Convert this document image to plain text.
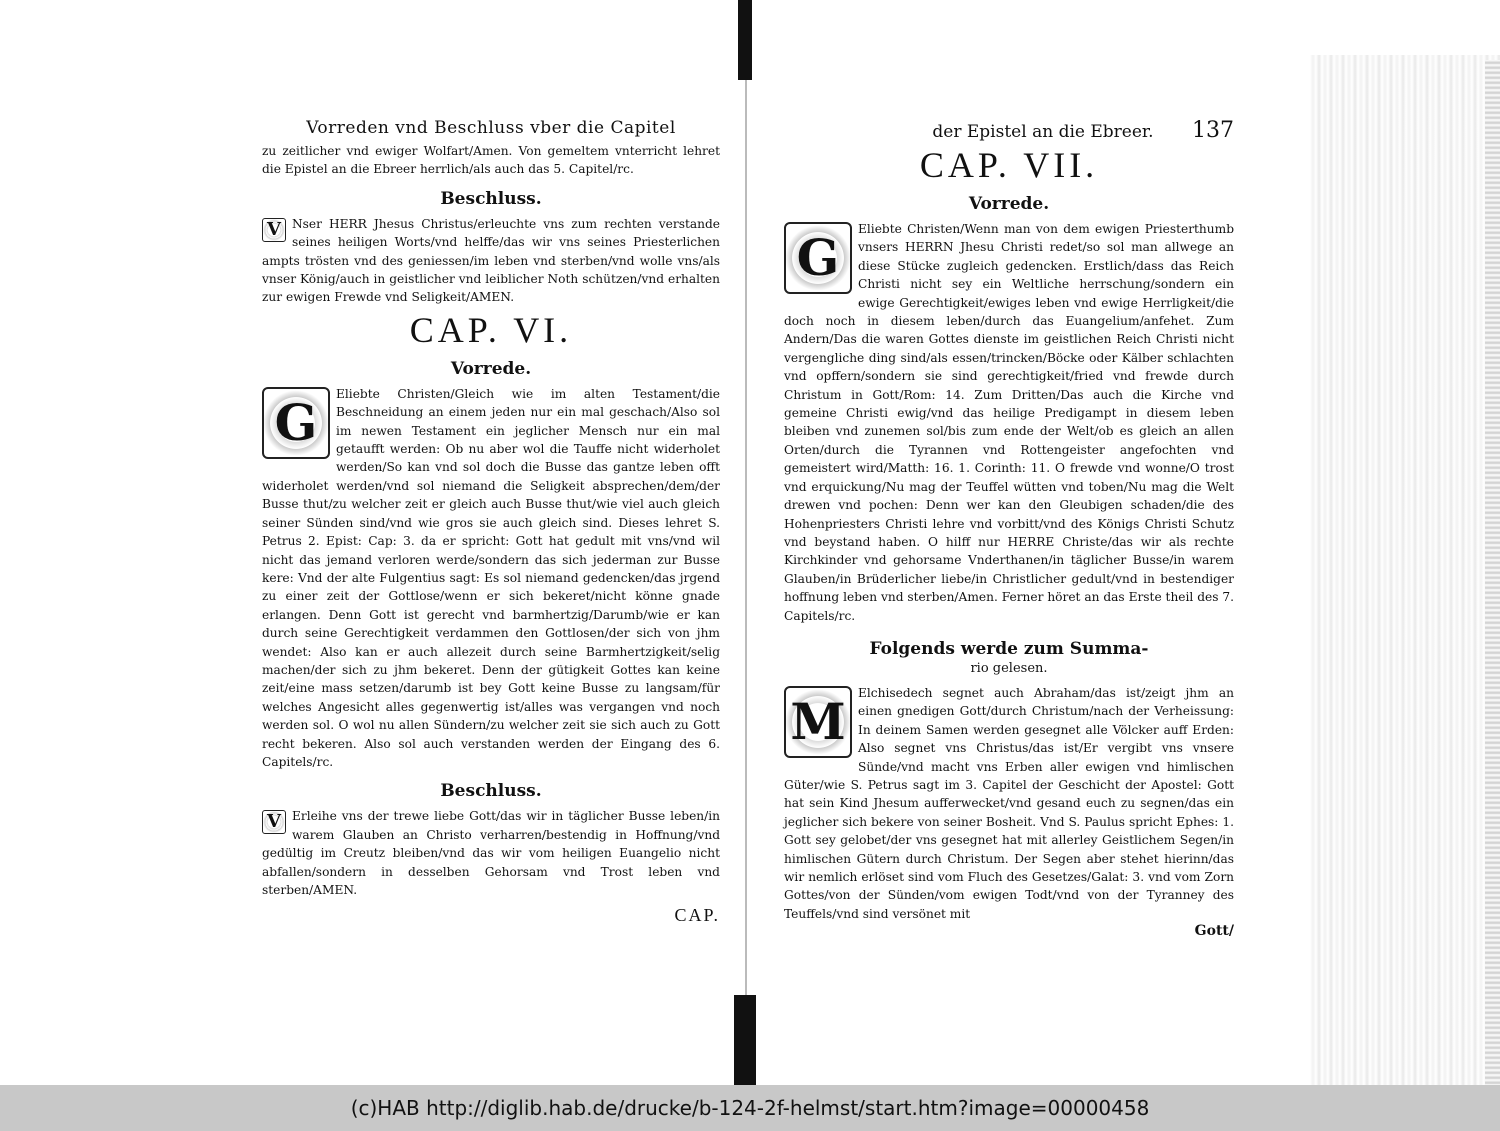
Vorreden vnd Beschluss vber die Capitel
zu zeitlicher vnd ewiger Wolfart/Amen. Von gemeltem vnterricht lehret die Epistel an die Ebreer herrlich/als auch das 5. Capitel/rc.
Beschluss.
V Nser HERR Jhesus Christus/erleuchte vns zum rechten verstande seines heiligen Worts/vnd helffe/das wir vns seines Priesterlichen ampts trösten vnd des geniessen/im leben vnd sterben/vnd wolle vns/als vnser König/auch in geistlicher vnd leiblicher Noth schützen/vnd erhalten zur ewigen Frewde vnd Seligkeit/AMEN.
CAP. VI.
Vorrede.
G	Eliebte Christen/Gleich wie im alten Testament/die Beschneidung an einem jeden nur ein mal geschach/Also sol im newen Testament ein jeglicher Mensch nur ein mal getaufft werden: Ob nu aber wol die Tauffe nicht widerholet werden/So kan vnd sol doch die Busse das gantze leben offt widerholet werden/vnd sol niemand die Seligkeit absprechen/dem/der Busse thut/zu welcher zeit er gleich auch Busse thut/wie viel auch gleich seiner Sünden sind/vnd wie gros sie auch gleich sind. Dieses lehret S. Petrus 2. Epist: Cap: 3. da er spricht: Gott hat gedult mit vns/vnd wil nicht das jemand verloren werde/sondern das sich jederman zur Busse kere: Vnd der alte Fulgentius sagt: Es sol niemand gedencken/das jrgend zu einer zeit der Gottlose/wenn er sich bekeret/nicht könne gnade erlangen. Denn Gott ist gerecht vnd barmhertzig/Darumb/wie er kan durch seine Gerechtigkeit verdammen den Gottlosen/der sich von jhm wendet: Also kan er auch allezeit durch seine Barmhertzigkeit/selig machen/der sich zu jhm bekeret. Denn der gütigkeit Gottes kan keine zeit/eine mass setzen/darumb ist bey Gott keine Busse zu langsam/für welches Angesicht alles gegenwertig ist/alles was vergangen vnd noch werden sol. O wol nu allen Sündern/zu welcher zeit sie sich auch zu Gott recht bekeren. Also sol auch verstanden werden der Eingang des 6. Capitels/rc.
Beschluss.
V Erleihe vns der trewe liebe Gott/das wir in täglicher Busse leben/in warem Glauben an Christo verharren/bestendig in Hoffnung/vnd gedültig im Creutz bleiben/vnd das wir vom heiligen Euangelio nicht abfallen/sondern in desselben Gehorsam vnd Trost leben vnd sterben/AMEN.
CAP.
der Epistel an die Ebreer.	137
CAP. VII.
Vorrede.
G	Eliebte Christen/Wenn man von dem ewigen Priesterthumb vnsers HERRN Jhesu Christi redet/so sol man allwege an diese Stücke zugleich gedencken. Erstlich/dass das Reich Christi nicht sey ein Weltliche herrschung/sondern ein ewige Gerechtigkeit/ewiges leben vnd ewige Herrligkeit/die doch noch in diesem leben/durch das Euangelium/anfehet. Zum Andern/Das die waren Gottes dienste im geistlichen Reich Christi nicht vergengliche ding sind/als essen/trincken/Böcke oder Kälber schlachten vnd opffern/sondern sie sind gerechtigkeit/fried vnd frewde durch Christum in Gott/Rom: 14. Zum Dritten/Das auch die Kirche vnd gemeine Christi ewig/vnd das heilige Predigampt in diesem leben bleiben vnd zunemen sol/bis zum ende der Welt/ob es gleich an allen Orten/durch die Tyrannen vnd Rottengeister angefochten vnd gemeistert wird/Matth: 16. 1. Corinth: 11. O frewde vnd wonne/O trost vnd erquickung/Nu mag der Teuffel wütten vnd toben/Nu mag die Welt drewen vnd pochen: Denn wer kan den Gleubigen schaden/die des Hohenpriesters Christi lehre vnd vorbitt/vnd des Königs Christi Schutz vnd beystand haben. O hilff nur HERRE Christe/das wir als rechte Kirchkinder vnd gehorsame Vnderthanen/in täglicher Busse/in warem Glauben/in Brüderlicher liebe/in Christlicher gedult/vnd in bestendiger hoffnung leben vnd sterben/Amen. Ferner höret an das Erste theil des 7. Capitels/rc.
Folgends werde zum Summa-
rio gelesen.
M	Elchisedech segnet auch Abraham/das ist/zeigt jhm an einen gnedigen Gott/durch Christum/nach der Verheissung: In deinem Samen werden gesegnet alle Völcker auff Erden: Also segnet vns Christus/das ist/Er vergibt vns vnsere Sünde/vnd macht vns Erben aller ewigen vnd himlischen Güter/wie S. Petrus sagt im 3. Capitel der Geschicht der Apostel: Gott hat sein Kind Jhesum aufferwecket/vnd gesand euch zu segnen/das ein jeglicher sich bekere von seiner Bosheit. Vnd S. Paulus spricht Ephes: 1. Gott sey gelobet/der vns gesegnet hat mit allerley Geistlichem Segen/in himlischen Gütern durch Christum. Der Segen aber stehet hierinn/das wir nemlich erlöset sind vom Fluch des Gesetzes/Galat: 3. vnd vom Zorn Gottes/von der Sünden/vom ewigen Todt/vnd von der Tyranney des Teuffels/vnd sind versönet mit
Gott/
(c)HAB http://diglib.hab.de/drucke/b-124-2f-helmst/start.htm?image=00000458
